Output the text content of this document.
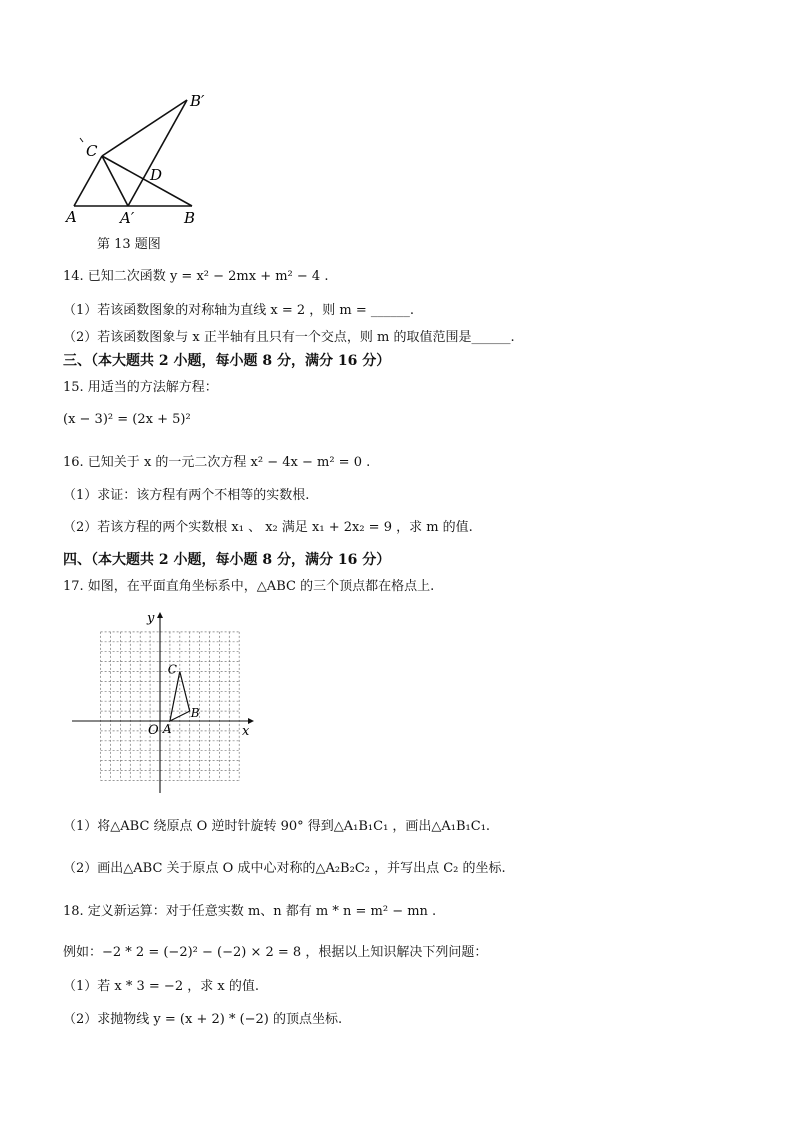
B′
C
D
A	A′	B
第 13 题图
14. 已知二次函数 y = x² − 2mx + m² − 4 .
（1）若该函数图象的对称轴为直线 x = 2 ，则 m = ______.
（2）若该函数图象与 x 正半轴有且只有一个交点，则 m 的取值范围是______.
三、（本大题共 2 小题，每小题 8 分，满分 16 分）
15. 用适当的方法解方程：
(x − 3)² = (2x + 5)²
16. 已知关于 x 的一元二次方程 x² − 4x − m² = 0 .
（1）求证：该方程有两个不相等的实数根.
（2）若该方程的两个实数根 x₁ 、 x₂ 满足 x₁ + 2x₂ = 9 ，求 m 的值.
四、（本大题共 2 小题，每小题 8 分，满分 16 分）
17. 如图，在平面直角坐标系中，△ABC 的三个顶点都在格点上.
y
x
O A
B
C
（1）将△ABC 绕原点 O 逆时针旋转 90° 得到△A₁B₁C₁ ，画出△A₁B₁C₁.
（2）画出△ABC 关于原点 O 成中心对称的△A₂B₂C₂ ，并写出点 C₂ 的坐标.
18. 定义新运算：对于任意实数 m、n 都有 m * n = m² − mn .
例如：−2 * 2 = (−2)² − (−2) × 2 = 8 ，根据以上知识解决下列问题：
（1）若 x * 3 = −2 ，求 x 的值.
（2）求抛物线 y = (x + 2) * (−2) 的顶点坐标.
